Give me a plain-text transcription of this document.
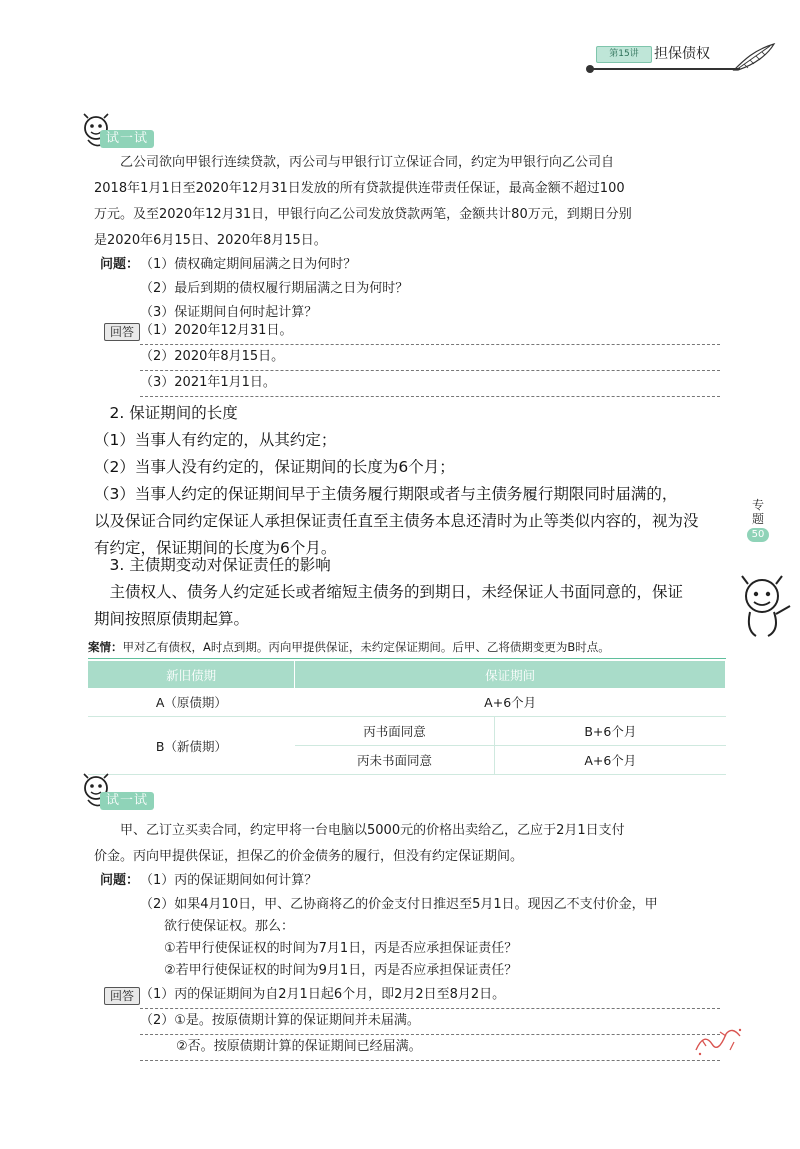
第15讲	担保债权
试一试
乙公司欲向甲银行连续贷款，丙公司与甲银行订立保证合同，约定为甲银行向乙公司自
2018年1月1日至2020年12月31日发放的所有贷款提供连带责任保证，最高金额不超过100
万元。及至2020年12月31日，甲银行向乙公司发放贷款两笔，金额共计80万元，到期日分别
是2020年6月15日、2020年8月15日。
问题： （1）债权确定期间届满之日为何时？
（2）最后到期的债权履行期届满之日为何时？
（3）保证期间自何时起计算？
回答 （1）2020年12月31日。
（2）2020年8月15日。
（3）2021年1月1日。
2. 保证期间的长度
（1）当事人有约定的，从其约定；
（2）当事人没有约定的，保证期间的长度为6个月；
（3）当事人约定的保证期间早于主债务履行期限或者与主债务履行期限同时届满的，
以及保证合同约定保证人承担保证责任直至主债务本息还清时为止等类似内容的，视为没
有约定，保证期间的长度为6个月。
3. 主债期变动对保证责任的影响
主债权人、债务人约定延长或者缩短主债务的到期日，未经保证人书面同意的，保证
期间按照原债期起算。
案情：甲对乙有债权，A时点到期。丙向甲提供保证，未约定保证期间。后甲、乙将债期变更为B时点。
新旧债期	保证期间	
A（原债期）	A+6个月	
B（新债期）	丙书面同意	B+6个月
	丙未书面同意	A+6个月
试一试
甲、乙订立买卖合同，约定甲将一台电脑以5000元的价格出卖给乙，乙应于2月1日支付
价金。丙向甲提供保证，担保乙的价金债务的履行，但没有约定保证期间。
问题： （1）丙的保证期间如何计算？
（2）如果4月10日，甲、乙协商将乙的价金支付日推迟至5月1日。现因乙不支付价金，甲
欲行使保证权。那么：
①若甲行使保证权的时间为7月1日，丙是否应承担保证责任？
②若甲行使保证权的时间为9月1日，丙是否应承担保证责任？
回答 （1）丙的保证期间为自2月1日起6个月，即2月2日至8月2日。
（2）①是。按原债期计算的保证期间并未届满。
②否。按原债期计算的保证期间已经届满。
专题
50
